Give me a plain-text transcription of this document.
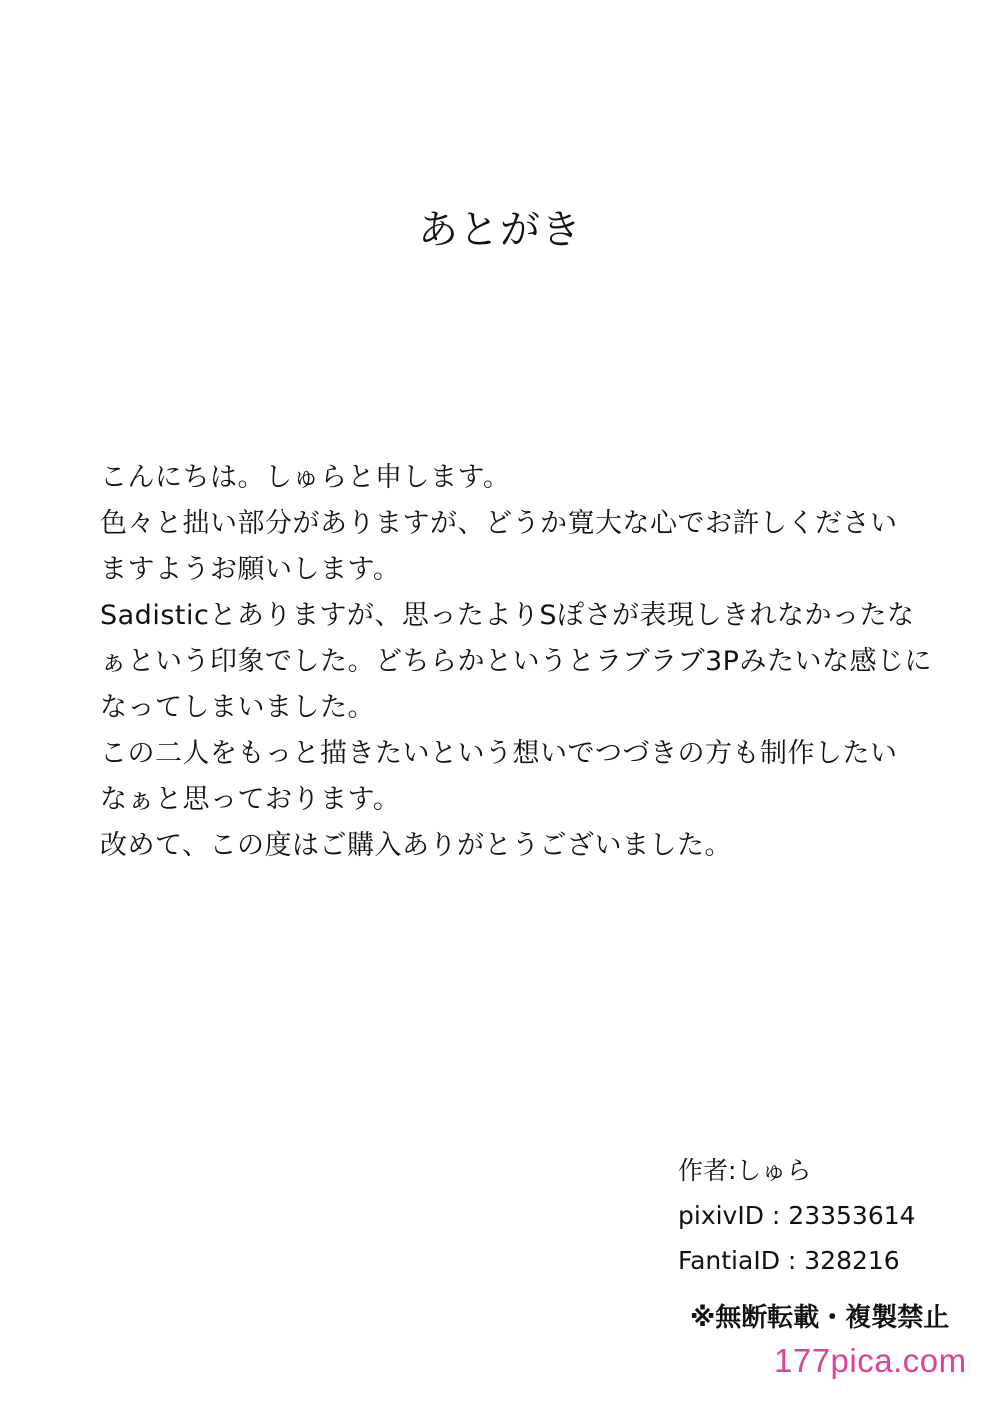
あとがき
こんにちは。しゅらと申します。
色々と拙い部分がありますが、どうか寛大な心でお許しください
ますようお願いします。
Sadisticとありますが、思ったよりSぽさが表現しきれなかったな
ぁという印象でした。どちらかというとラブラブ3Pみたいな感じに
なってしまいました。
この二人をもっと描きたいという想いでつづきの方も制作したい
なぁと思っております。
改めて、この度はご購入ありがとうございました。
作者:しゅら
pixivID : 23353614
FantiaID : 328216
※無断転載・複製禁止
177pica.com
